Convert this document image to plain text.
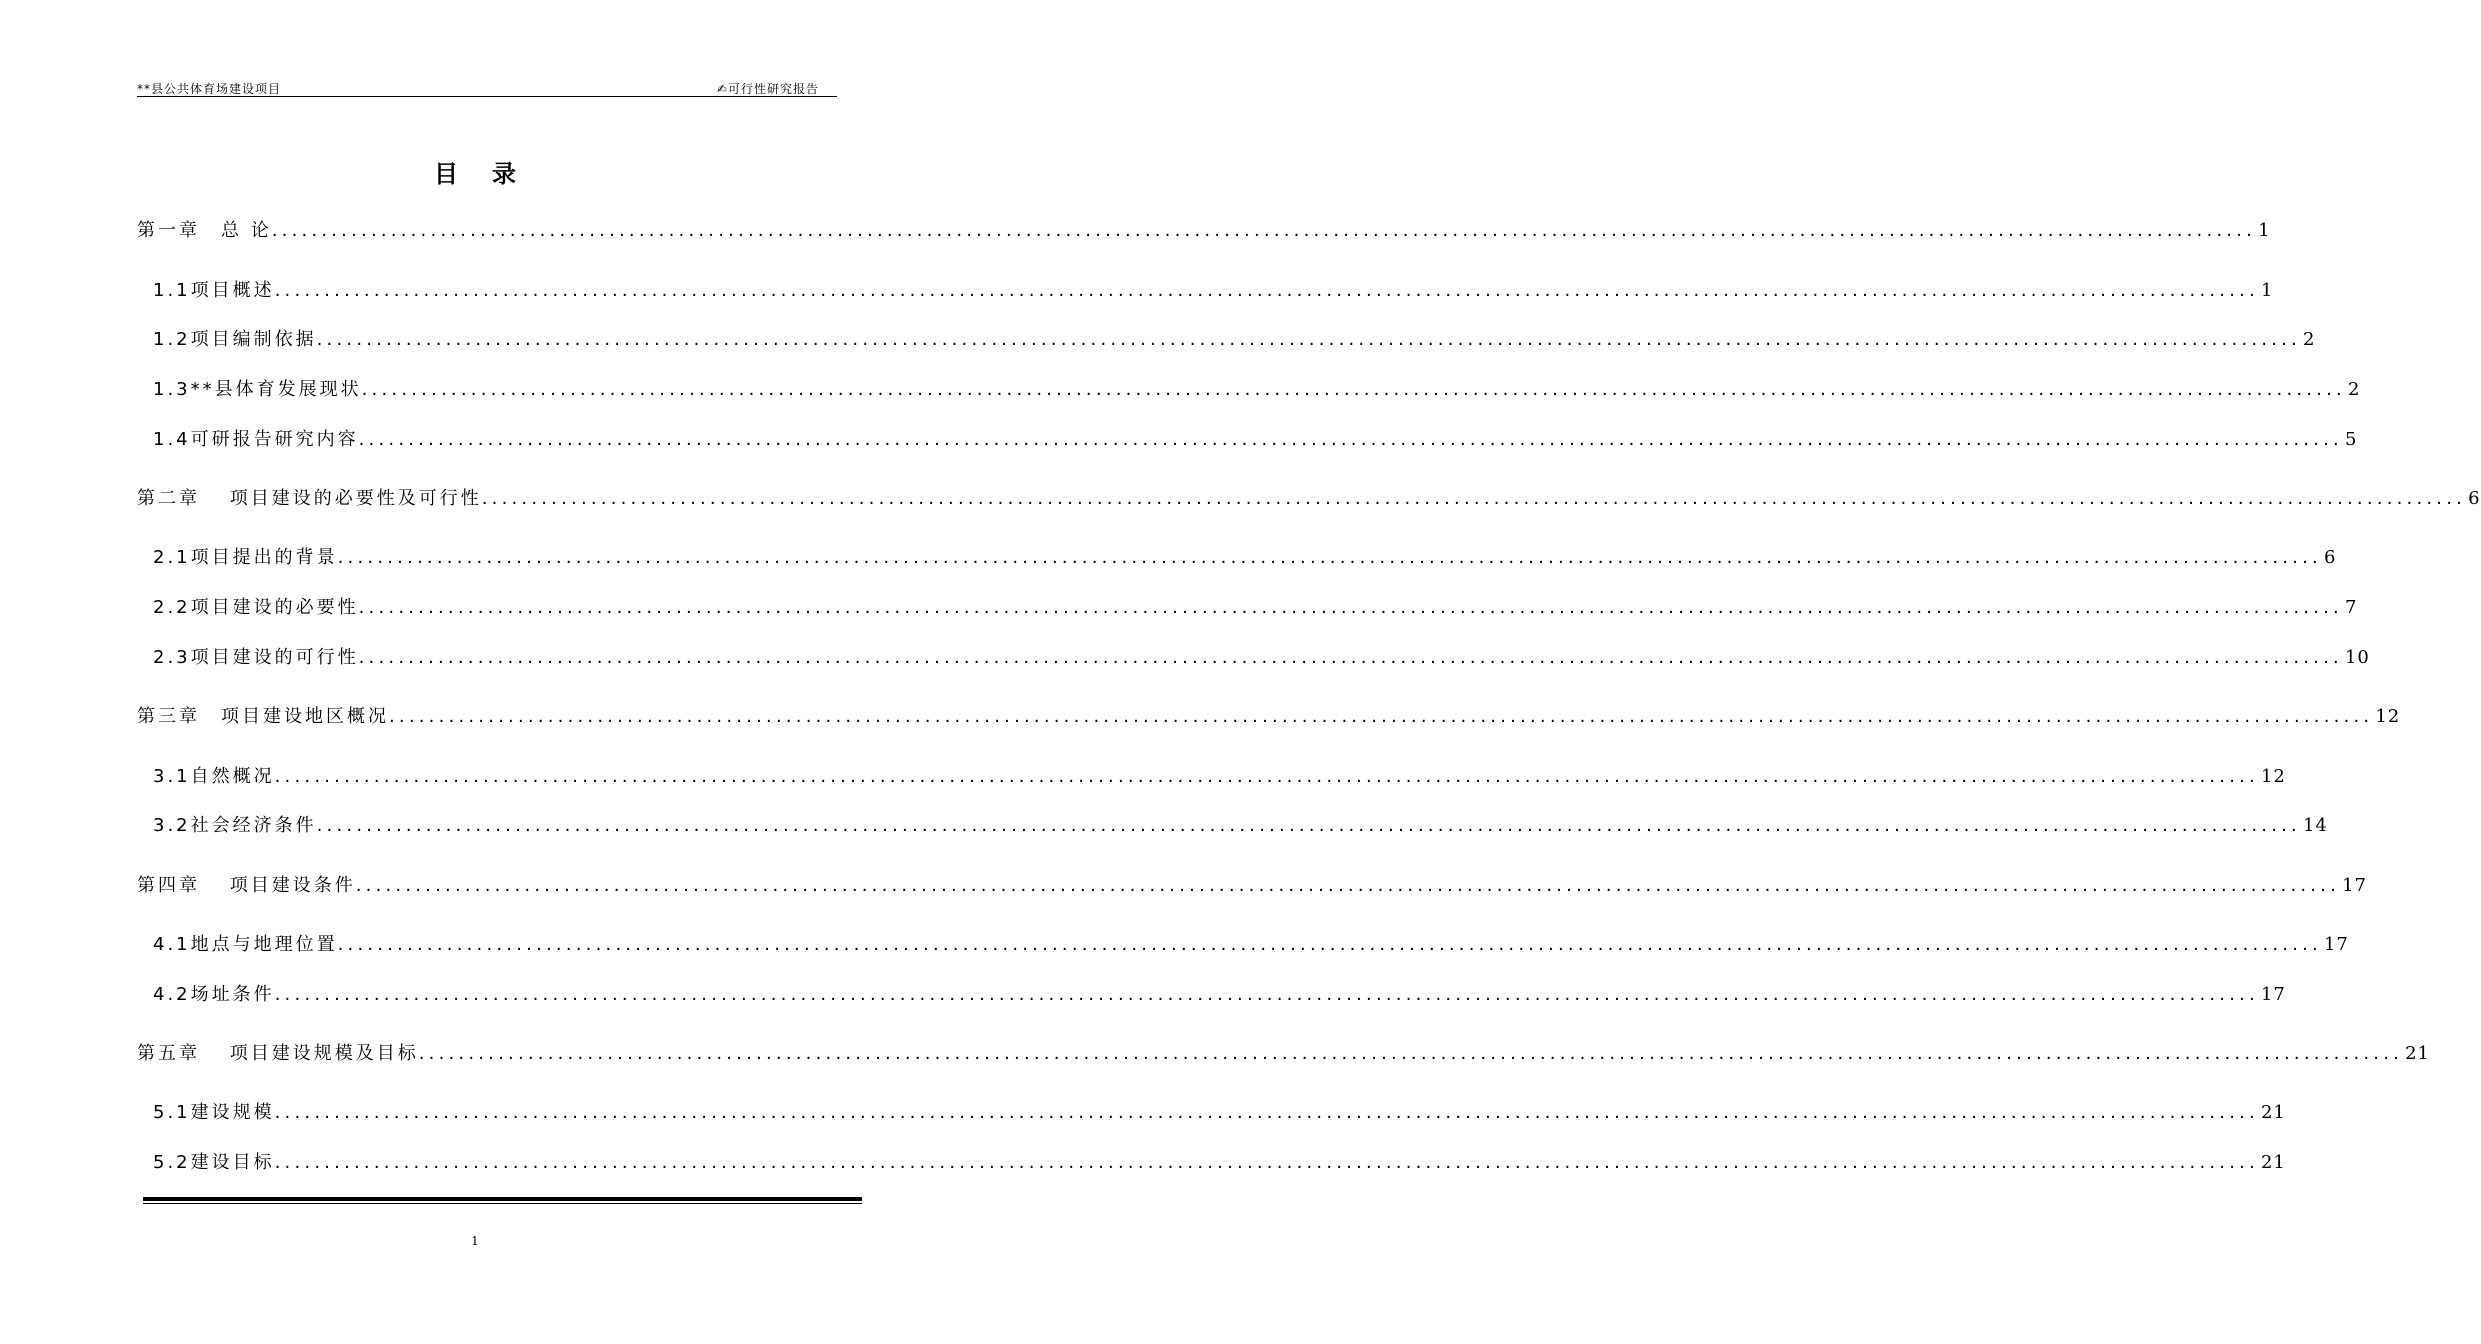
**县公共体育场建设项目	✍可行性研究报告
目录
第一章　总 论 ........................................................................................................................................................................................................ 1
1.1项目概述 ........................................................................................................................................................................................................ 1
1.2项目编制依据 ........................................................................................................................................................................................................ 2
1.3**县体育发展现状 ........................................................................................................................................................................................................ 2
1.4可研报告研究内容 ........................................................................................................................................................................................................ 5
第二章　 项目建设的必要性及可行性 ........................................................................................................................................................................................................ 6
2.1项目提出的背景 ........................................................................................................................................................................................................ 6
2.2项目建设的必要性 ........................................................................................................................................................................................................ 7
2.3项目建设的可行性 ........................................................................................................................................................................................................ 10
第三章　项目建设地区概况 ........................................................................................................................................................................................................ 12
3.1自然概况 ........................................................................................................................................................................................................ 12
3.2社会经济条件 ........................................................................................................................................................................................................ 14
第四章　 项目建设条件 ........................................................................................................................................................................................................ 17
4.1地点与地理位置 ........................................................................................................................................................................................................ 17
4.2场址条件 ........................................................................................................................................................................................................ 17
第五章　 项目建设规模及目标 ........................................................................................................................................................................................................ 21
5.1建设规模 ........................................................................................................................................................................................................ 21
5.2建设目标 ........................................................................................................................................................................................................ 21
1
